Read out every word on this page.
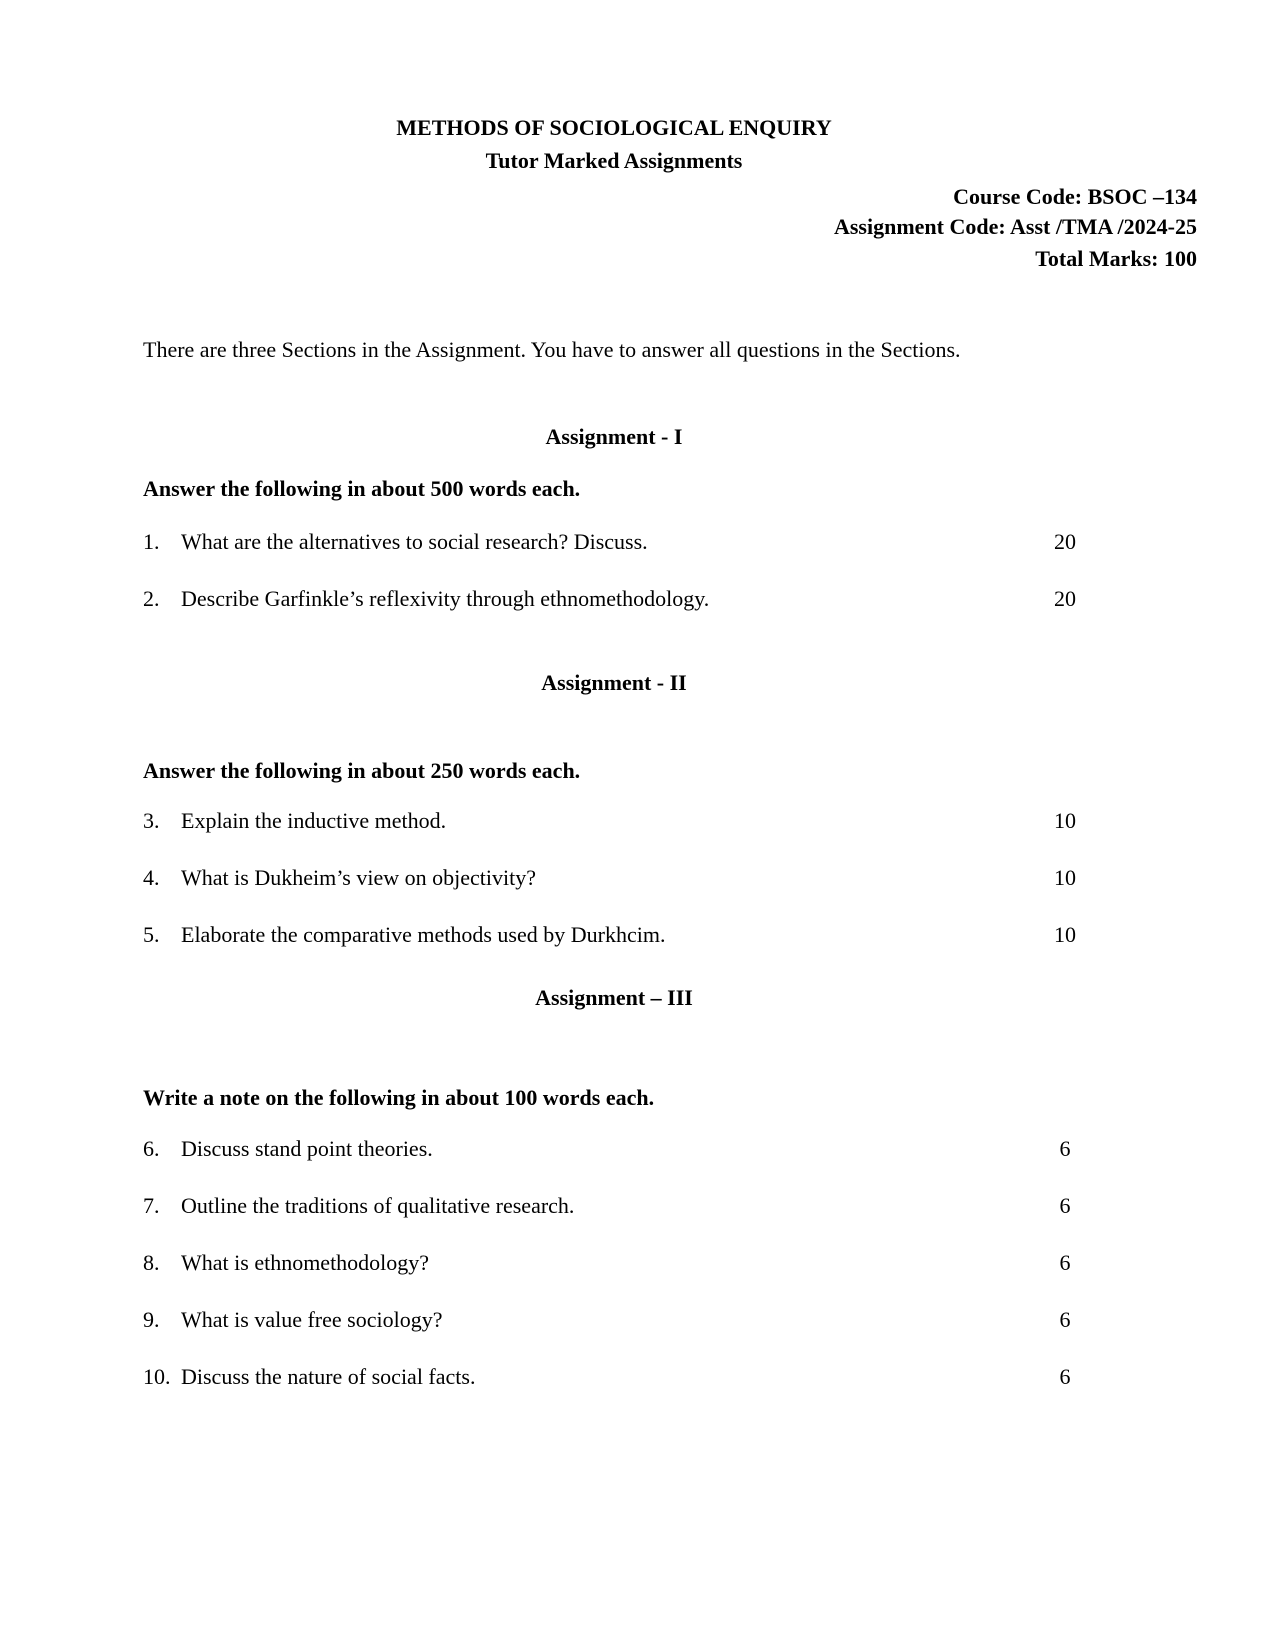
METHODS OF SOCIOLOGICAL ENQUIRY
Tutor Marked Assignments

Course Code: BSOC –134

Assignment Code: Asst /TMA /2024-25

Total Marks: 100

There are three Sections in the Assignment. You have to answer all questions in the Sections.

Assignment - I

Answer the following in about 500 words each.

1. What are the alternatives to social research? Discuss.	20
2. Describe Garfinkle’s reflexivity through ethnomethodology.	20
Assignment - II

Answer the following in about 250 words each.

3. Explain the inductive method.	10
4. What is Dukheim’s view on objectivity?	10
5. Elaborate the comparative methods used by Durkhcim.	10
Assignment – III

Write a note on the following in about 100 words each.

6. Discuss stand point theories.	6
7. Outline the traditions of qualitative research.	6
8. What is ethnomethodology?	6
9. What is value free sociology?	6
10. Discuss the nature of social facts.	6
